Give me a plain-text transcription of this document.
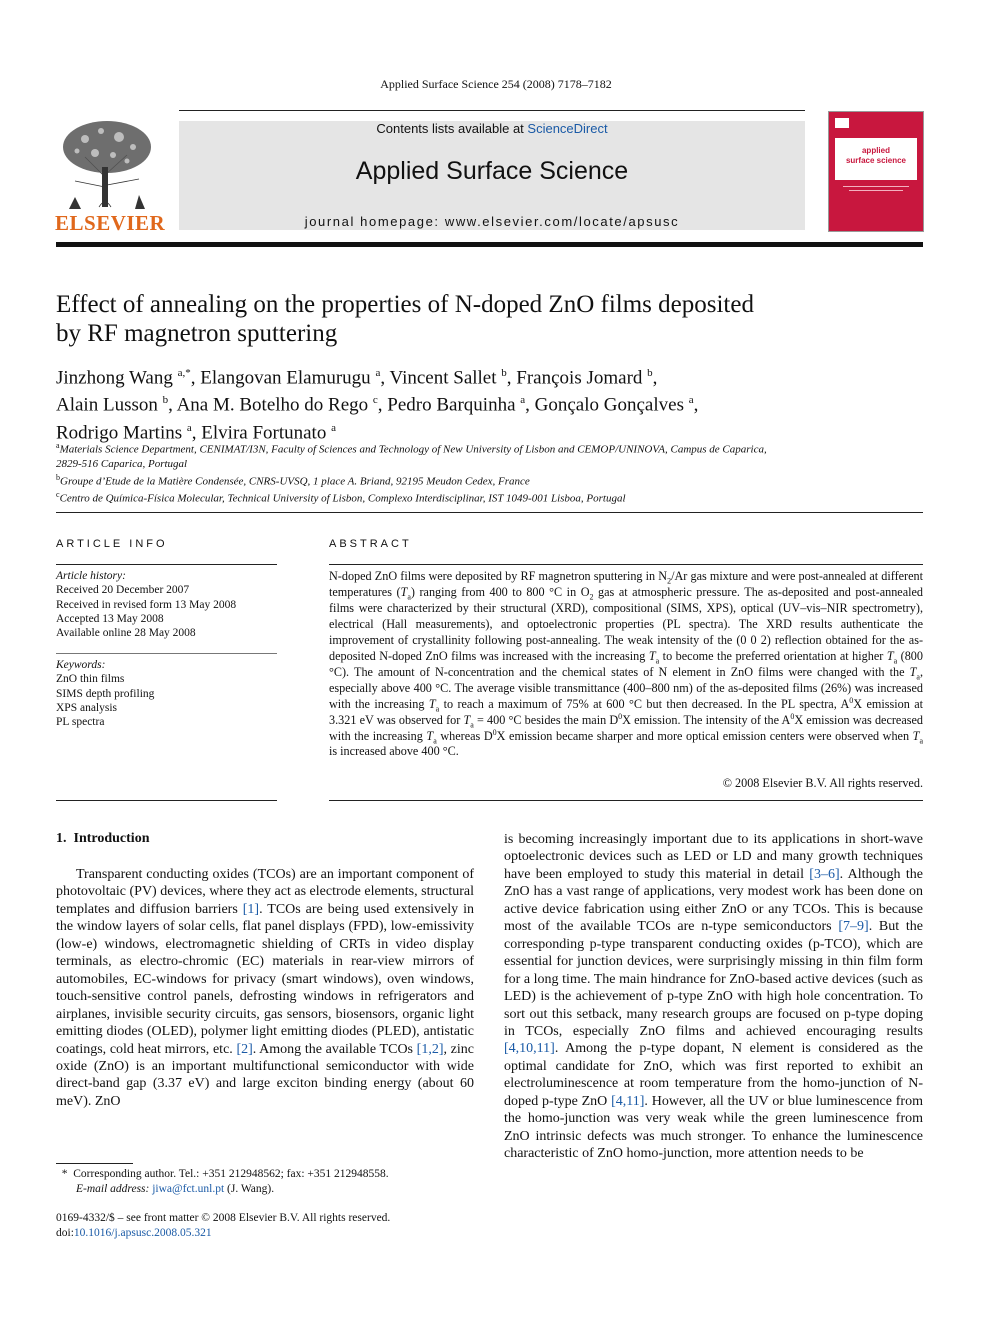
Applied Surface Science 254 (2008) 7178–7182
ELSEVIER
Contents lists available at ScienceDirect
Applied Surface Science
journal homepage: www.elsevier.com/locate/apsusc
applied
surface science
Effect of annealing on the properties of N-doped ZnO films deposited
by RF magnetron sputtering
Jinzhong Wang $^{a,*}$, Elangovan Elamurugu $^a$, Vincent Sallet $^b$, François Jomard $^b$,
Alain Lusson $^b$, Ana M. Botelho do Rego $^c$, Pedro Barquinha $^a$, Gonçalo Gonçalves $^a$,
Rodrigo Martins $^a$, Elvira Fortunato $^a$
$^a$Materials Science Department, CENIMAT/I3N, Faculty of Sciences and Technology of New University of Lisbon and CEMOP/UNINOVA, Campus de Caparica,
2829-516 Caparica, Portugal
$^b$Groupe d’Etude de la Matière Condensée, CNRS-UVSQ, 1 place A. Briand, 92195 Meudon Cedex, France
$^c$Centro de Química-Física Molecular, Technical University of Lisbon, Complexo Interdisciplinar, IST 1049-001 Lisboa, Portugal
ARTICLE INFO
Article history:
Received 20 December 2007
Received in revised form 13 May 2008
Accepted 13 May 2008
Available online 28 May 2008
Keywords:
ZnO thin films
SIMS depth profiling
XPS analysis
PL spectra
ABSTRACT
N-doped ZnO films were deposited by RF magnetron sputtering in $N_2/Ar$ gas mixture and were post-annealed at different temperatures $(T_a)$ ranging from 400 to 800 °C in $O_2$ gas at atmospheric pressure. The as-deposited and post-annealed films were characterized by their structural (XRD), compositional (SIMS, XPS), optical (UV–vis–NIR spectrometry), electrical (Hall measurements), and optoelectronic properties (PL spectra). The XRD results authenticate the improvement of crystallinity following post-annealing. The weak intensity of the (0 0 2) reflection obtained for the as-deposited N-doped ZnO films was increased with the increasing $T_a$ to become the preferred orientation at higher $T_a$ (800 °C). The amount of N-concentration and the chemical states of N element in ZnO films were changed with the $T_a$, especially above 400 °C. The average visible transmittance (400–800 nm) of the as-deposited films (26%) was increased with the increasing $T_a$ to reach a maximum of 75% at 600 °C but then decreased. In the PL spectra, $A^0X$ emission at 3.321 eV was observed for $T_a = 400$ °C besides the main $D^0X$ emission. The intensity of the $A^0X$ emission was decreased with the increasing $T_a$ whereas $D^0X$ emission became sharper and more optical emission centers were observed when $T_a$ is increased above 400 °C.
© 2008 Elsevier B.V. All rights reserved.
1. Introduction
Transparent conducting oxides (TCOs) are an important component of photovoltaic (PV) devices, where they act as electrode elements, structural templates and diffusion barriers [1]. TCOs are being used extensively in the window layers of solar cells, flat panel displays (FPD), low-emissivity (low-e) windows, electromagnetic shielding of CRTs in video display terminals, as electro-chromic (EC) materials in rear-view mirrors of automobiles, EC-windows for privacy (smart windows), oven windows, touch-sensitive control panels, defrosting windows in refrigerators and airplanes, invisible security circuits, gas sensors, biosensors, organic light emitting diodes (OLED), polymer light emitting diodes (PLED), antistatic coatings, cold heat mirrors, etc. [2]. Among the available TCOs [1,2], zinc oxide (ZnO) is an important multifunctional semiconductor with wide direct-band gap (3.37 eV) and large exciton binding energy (about 60 meV). ZnO
is becoming increasingly important due to its applications in short-wave optoelectronic devices such as LED or LD and many growth techniques have been employed to study this material in detail [3–6]. Although the ZnO has a vast range of applications, very modest work has been done on active device fabrication using either ZnO or any TCOs. This is because most of the available TCOs are n-type semiconductors [7–9]. But the corresponding p-type transparent conducting oxides (p-TCO), which are essential for junction devices, were surprisingly missing in thin film form for a long time. The main hindrance for ZnO-based active devices (such as LED) is the achievement of p-type ZnO with high hole concentration. To sort out this setback, many research groups are focused on p-type doping in TCOs, especially ZnO films and achieved encouraging results [4,10,11]. Among the p-type dopant, N element is considered as the optimal candidate for ZnO, which was first reported to exhibit an electroluminescence at room temperature from the homo-junction of N-doped p-type ZnO [4,11]. However, all the UV or blue luminescence from the homo-junction was very weak while the green luminescence from ZnO intrinsic defects was much stronger. To enhance the luminescence characteristic of ZnO homo-junction, more attention needs to be
* Corresponding author. Tel.: +351 212948562; fax: +351 212948558.
E-mail address: jiwa@fct.unl.pt (J. Wang).
0169-4332/$ – see front matter © 2008 Elsevier B.V. All rights reserved.
doi:10.1016/j.apsusc.2008.05.321
